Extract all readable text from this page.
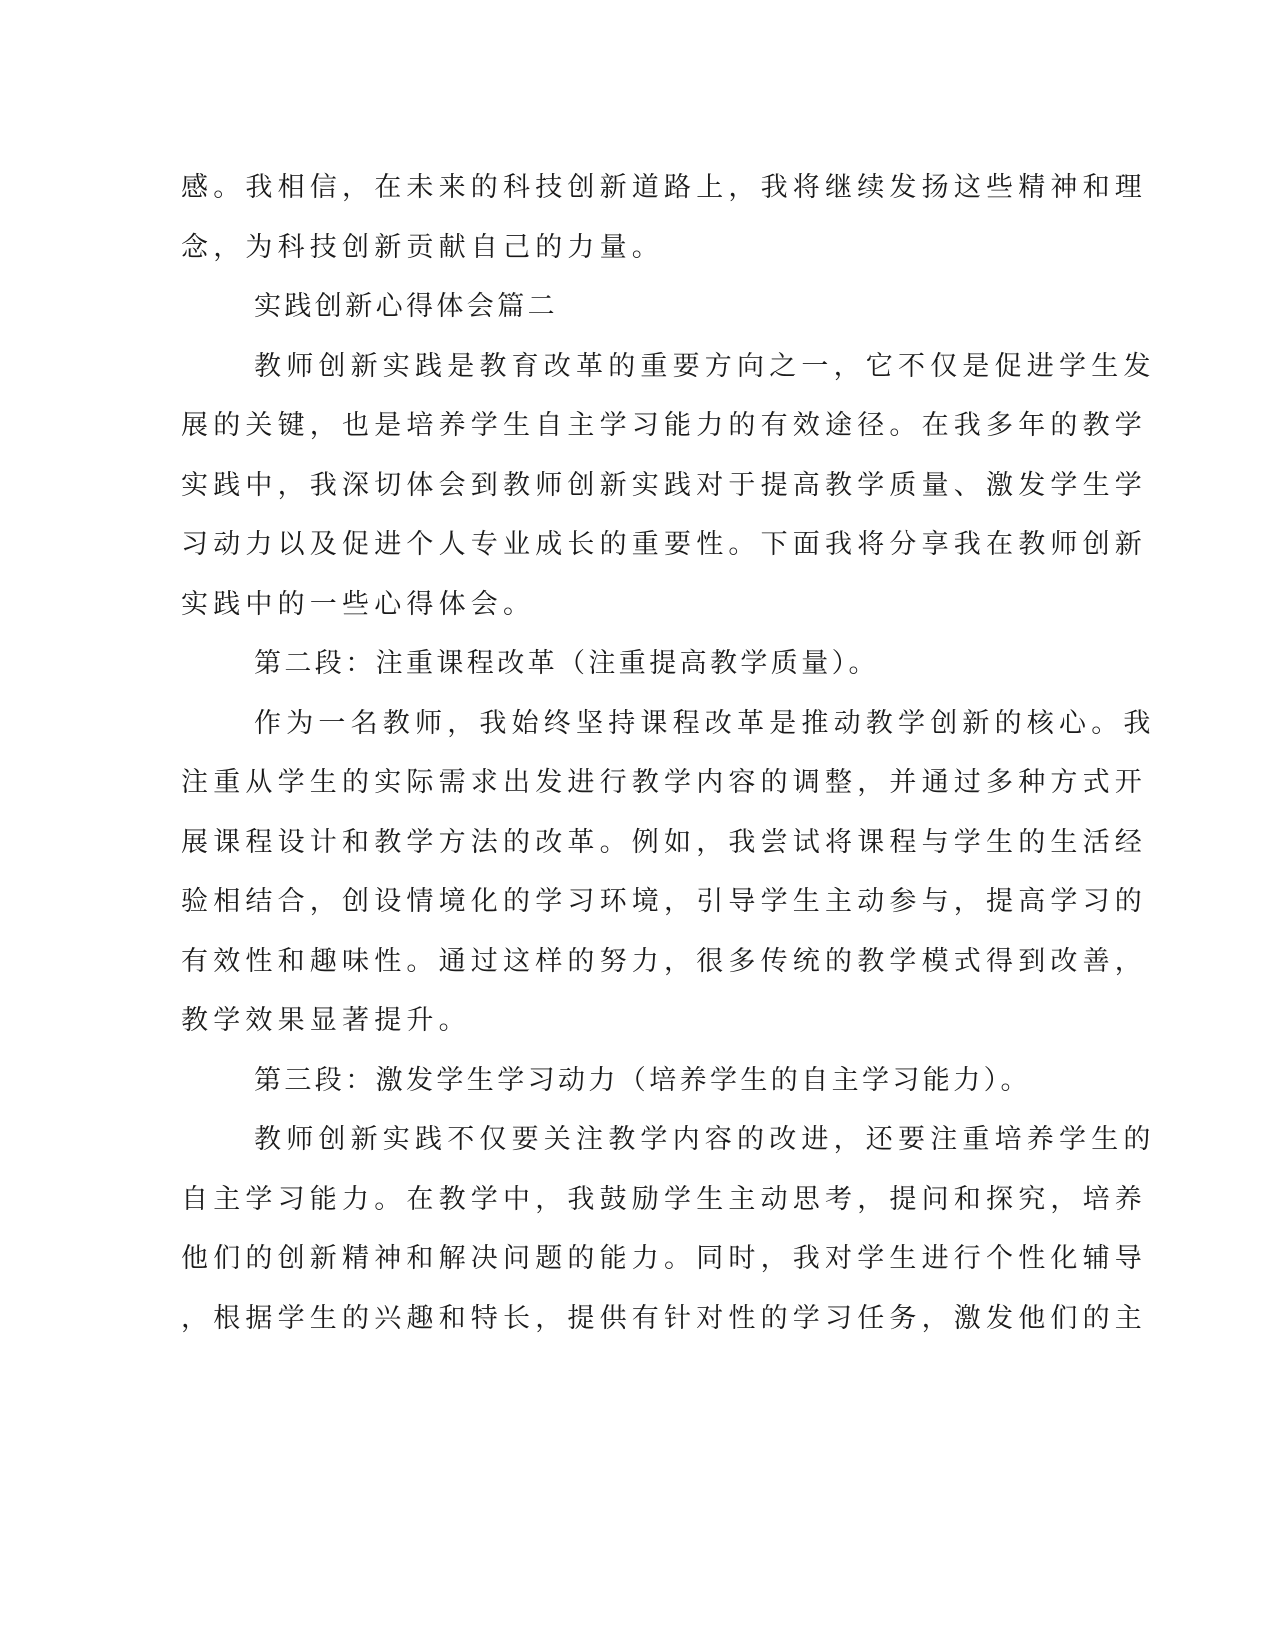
感。我相信，在未来的科技创新道路上，我将继续发扬这些精神和理
念，为科技创新贡献自己的力量。
实践创新心得体会篇二
教师创新实践是教育改革的重要方向之一，它不仅是促进学生发
展的关键，也是培养学生自主学习能力的有效途径。在我多年的教学
实践中，我深切体会到教师创新实践对于提高教学质量、激发学生学
习动力以及促进个人专业成长的重要性。下面我将分享我在教师创新
实践中的一些心得体会。
第二段：注重课程改革（注重提高教学质量）。
作为一名教师，我始终坚持课程改革是推动教学创新的核心。我
注重从学生的实际需求出发进行教学内容的调整，并通过多种方式开
展课程设计和教学方法的改革。例如，我尝试将课程与学生的生活经
验相结合，创设情境化的学习环境，引导学生主动参与，提高学习的
有效性和趣味性。通过这样的努力，很多传统的教学模式得到改善，
教学效果显著提升。
第三段：激发学生学习动力（培养学生的自主学习能力）。
教师创新实践不仅要关注教学内容的改进，还要注重培养学生的
自主学习能力。在教学中，我鼓励学生主动思考，提问和探究，培养
他们的创新精神和解决问题的能力。同时，我对学生进行个性化辅导
，根据学生的兴趣和特长，提供有针对性的学习任务，激发他们的主
